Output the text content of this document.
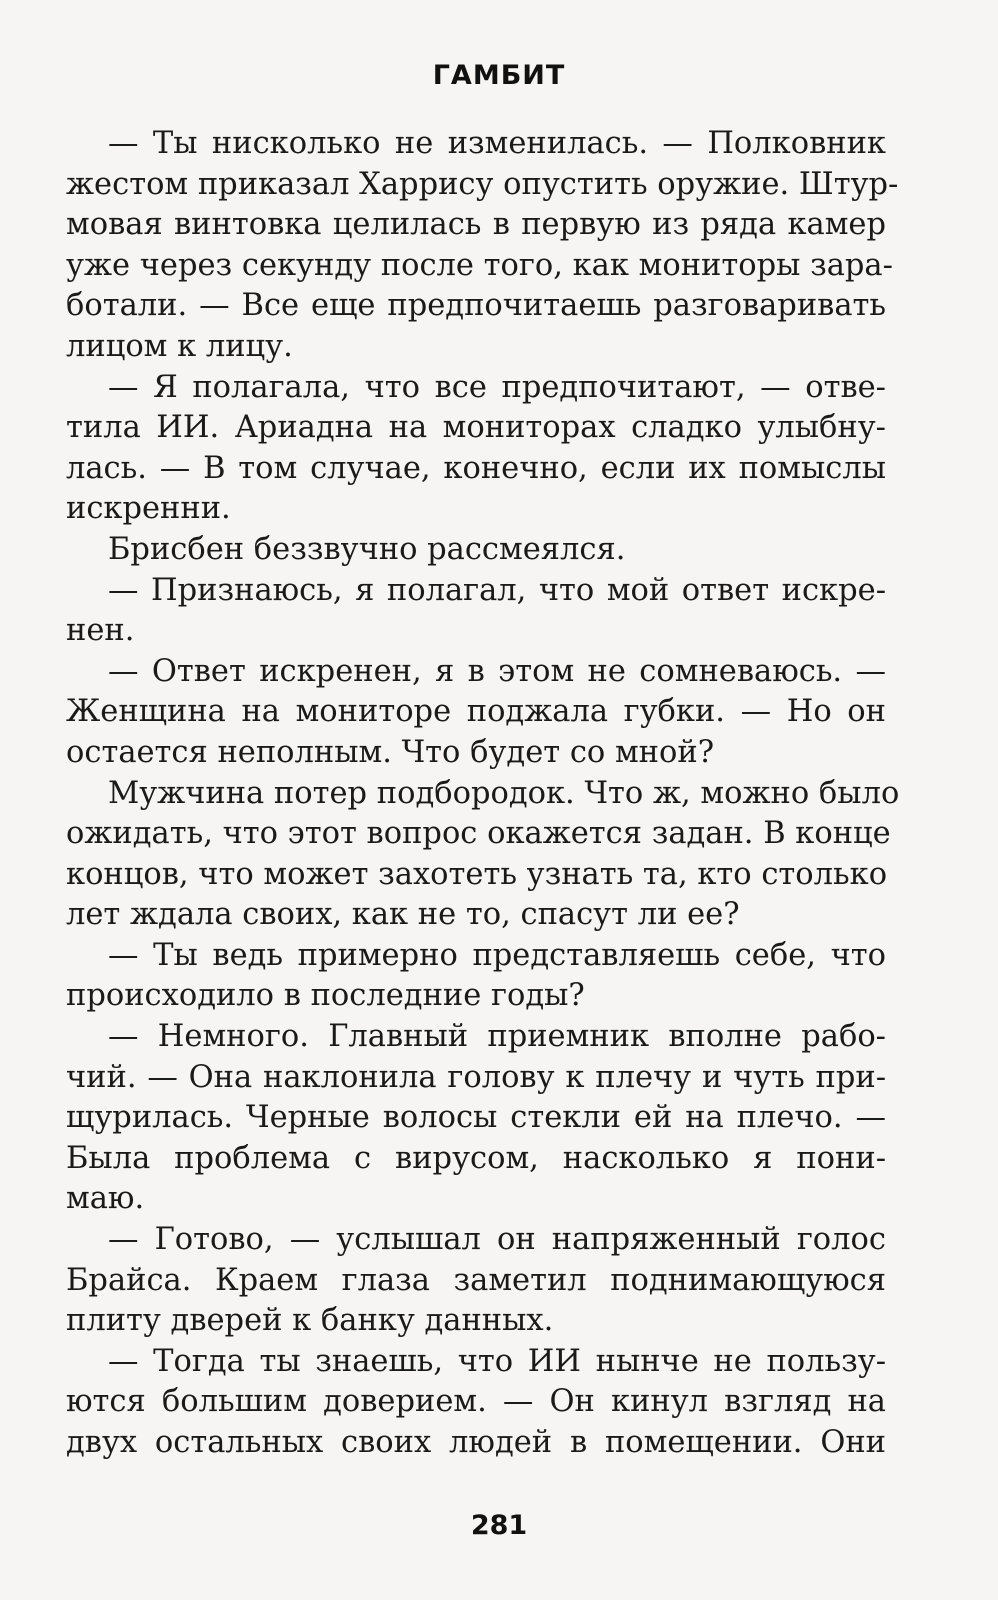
ГАМБИТ
— Ты нисколько не изменилась. — Полковник
жестом приказал Харрису опустить оружие. Штур-
мовая винтовка целилась в первую из ряда камер
уже через секунду после того, как мониторы зара-
ботали. — Все еще предпочитаешь разговаривать
лицом к лицу.
— Я полагала, что все предпочитают, — отве-
тила ИИ. Ариадна на мониторах сладко улыбну-
лась. — В том случае, конечно, если их помыслы
искренни.
Брисбен беззвучно рассмеялся.
— Признаюсь, я полагал, что мой ответ искре-
нен.
— Ответ искренен, я в этом не сомневаюсь. —
Женщина на мониторе поджала губки. — Но он
остается неполным. Что будет со мной?
Мужчина потер подбородок. Что ж, можно было
ожидать, что этот вопрос окажется задан. В конце
концов, что может захотеть узнать та, кто столько
лет ждала своих, как не то, спасут ли ее?
— Ты ведь примерно представляешь себе, что
происходило в последние годы?
— Немного. Главный приемник вполне рабо-
чий. — Она наклонила голову к плечу и чуть при-
щурилась. Черные волосы стекли ей на плечо. —
Была проблема с вирусом, насколько я пони-
маю.
— Готово, — услышал он напряженный голос
Брайса. Краем глаза заметил поднимающуюся
плиту дверей к банку данных.
— Тогда ты знаешь, что ИИ нынче не пользу-
ются большим доверием. — Он кинул взгляд на
двух остальных своих людей в помещении. Они
281
